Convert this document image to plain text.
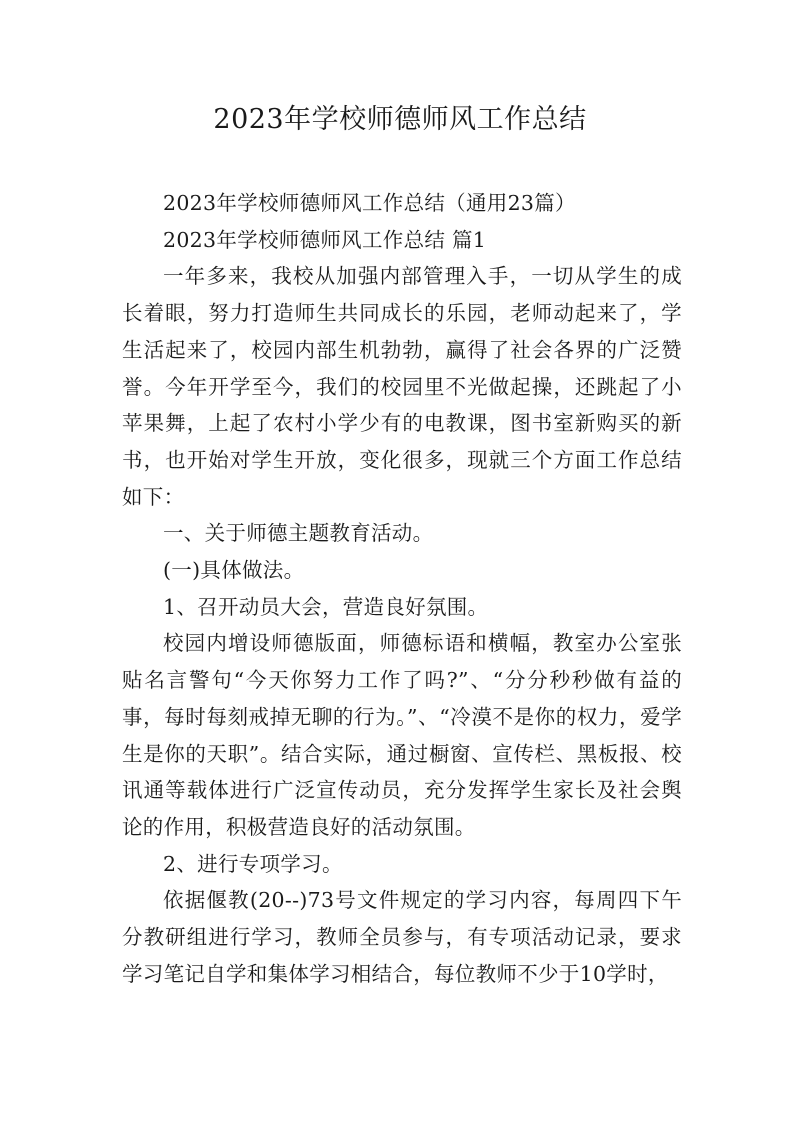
2023年学校师德师风工作总结

2023年学校师德师风工作总结（通用23篇）

2023年学校师德师风工作总结 篇1

一年多来，我校从加强内部管理入手，一切从学生的成长着眼，努力打造师生共同成长的乐园，老师动起来了，学生活起来了，校园内部生机勃勃，赢得了社会各界的广泛赞誉。今年开学至今，我们的校园里不光做起操，还跳起了小苹果舞，上起了农村小学少有的电教课，图书室新购买的新书，也开始对学生开放，变化很多，现就三个方面工作总结如下：

一、关于师德主题教育活动。

(一)具体做法。

1、召开动员大会，营造良好氛围。

校园内增设师德版面，师德标语和横幅，教室办公室张贴名言警句“今天你努力工作了吗?”、“分分秒秒做有益的事，每时每刻戒掉无聊的行为。”、“冷漠不是你的权力，爱学生是你的天职”。结合实际，通过橱窗、宣传栏、黑板报、校讯通等载体进行广泛宣传动员，充分发挥学生家长及社会舆论的作用，积极营造良好的活动氛围。

2、进行专项学习。

依据偃教(20--)73号文件规定的学习内容，每周四下午分教研组进行学习，教师全员参与，有专项活动记录，要求学习笔记自学和集体学习相结合，每位教师不少于10学时，
